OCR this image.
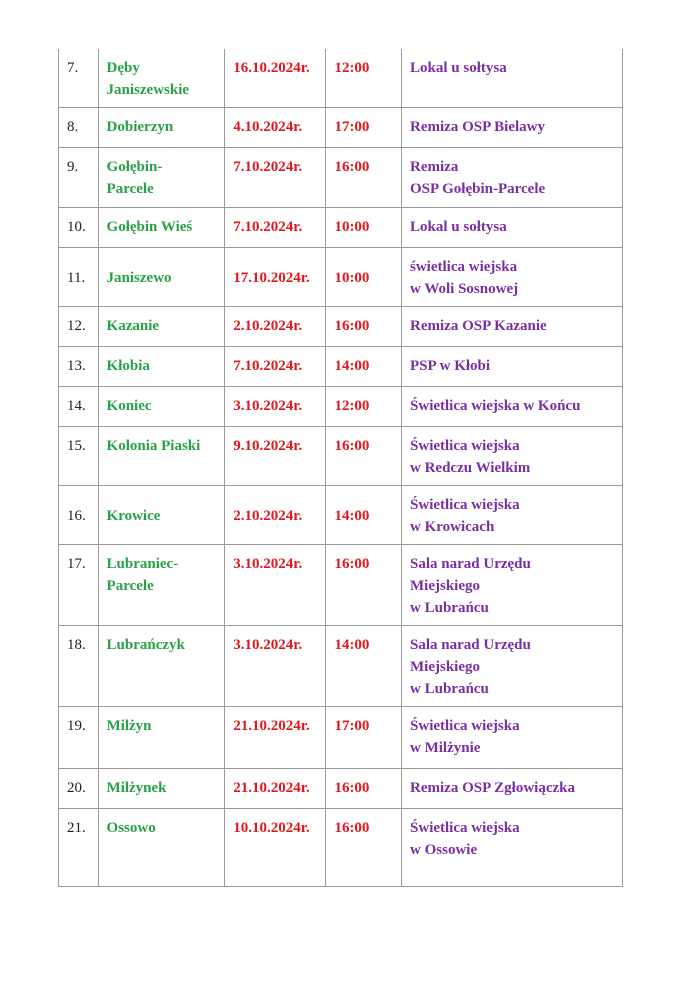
7.	Dęby
Janiszewskie	16.10.2024r.	12:00	Lokal u sołtysa

8.	Dobierzyn	4.10.2024r.	17:00	Remiza OSP Bielawy

9.	Gołębin-
Parcele	7.10.2024r.	16:00	Remiza
OSP Gołębin-Parcele

10.	Gołębin Wieś	7.10.2024r.	10:00	Lokal u sołtysa

11.	Janiszewo	17.10.2024r.	10:00	świetlica wiejska
w Woli Sosnowej

12.	Kazanie	2.10.2024r.	16:00	Remiza OSP Kazanie

13.	Kłobia	7.10.2024r.	14:00	PSP w Kłobi

14.	Koniec	3.10.2024r.	12:00	Świetlica wiejska w Końcu

15.	Kolonia Piaski	9.10.2024r.	16:00	Świetlica wiejska
w Redczu Wielkim

16.	Krowice	2.10.2024r.	14:00	Świetlica wiejska
w Krowicach

17.	Lubraniec-
Parcele	3.10.2024r.	16:00	Sala narad Urzędu
Miejskiego
w Lubrańcu

18.	Lubrańczyk	3.10.2024r.	14:00	Sala narad Urzędu
Miejskiego
w Lubrańcu

19.	Milżyn	21.10.2024r.	17:00	Świetlica wiejska
w Milżynie

20.	Milżynek	21.10.2024r.	16:00	Remiza OSP Zgłowiączka

21.	Ossowo	10.10.2024r.	16:00	Świetlica wiejska
w Ossowie
